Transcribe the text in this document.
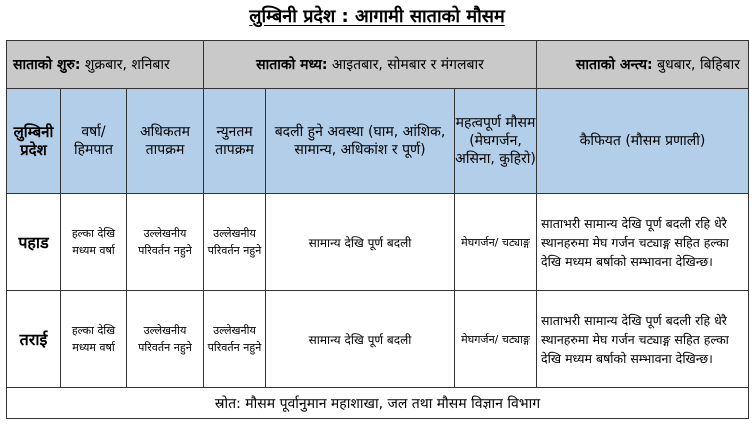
लुम्बिनी प्रदेश : आगामी साताको मौसम
साताको शुरु: शुक्रबार, शनिबार			साताको मध्य: आइतबार, सोमबार र मंगलबार			साताको अन्त्य: बुधबार, बिहिबार
लुम्बिनी प्रदेश	वर्षा/ हिमपात	अधिकतम तापक्रम	न्युनतम तापक्रम	बदली हुने अवस्था (घाम, आंशिक, सामान्य, अधिकांश र पूर्ण)	महत्वपूर्ण मौसम (मेघगर्जन, असिना, कुहिरो)	कैफियत (मौसम प्रणाली)
पहाड	हल्का देखि मध्यम वर्षा	उल्लेखनीय परिवर्तन नहुने	उल्लेखनीय परिवर्तन नहुने	सामान्य देखि पूर्ण बदली	मेघगर्जन/ चट्याङ्ग	साताभरी सामान्य देखि पूर्ण बदली रहि धेरै स्थानहरुमा मेघ गर्जन चट्याङ्ग सहित हल्का देखि मध्यम बर्षाको सम्भावना देखिन्छ।
तराई	हल्का देखि मध्यम वर्षा	उल्लेखनीय परिवर्तन नहुने	उल्लेखनीय परिवर्तन नहुने	सामान्य देखि पूर्ण बदली	मेघगर्जन/ चट्याङ्ग	साताभरी सामान्य देखि पूर्ण बदली रहि धेरै स्थानहरुमा मेघ गर्जन चट्याङ्ग सहित हल्का देखि मध्यम बर्षाको सम्भावना देखिन्छ।
स्रोत: मौसम पूर्वानुमान महाशाखा, जल तथा मौसम विज्ञान विभाग						
